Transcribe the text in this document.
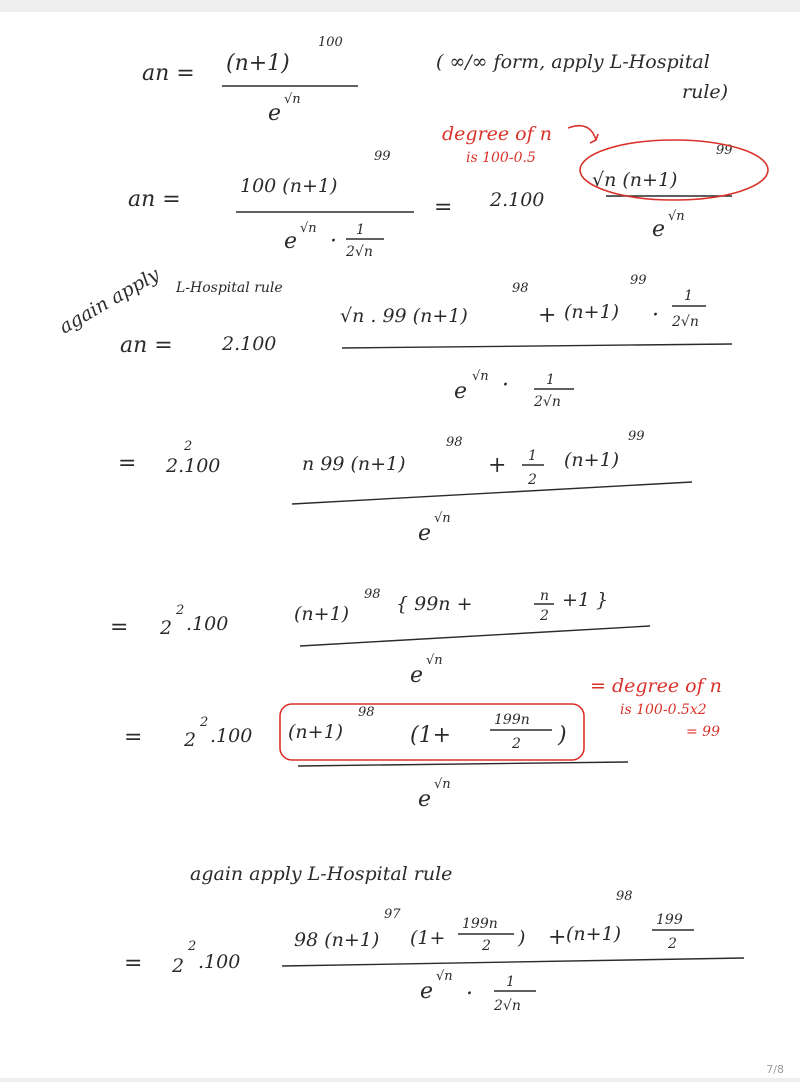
an = (n+1)
100
e
√n
( ∞/∞ form, apply L-Hospital
rule)
an =
100 (n+1)
99
e
√n
· 1
2√n
= 2.100
√n (n+1)
99
e
√n
degree of n
is 100-0.5
again apply L-Hospital rule
an =	2.100
√n . 99 (n+1)
98
+ (n+1)
99
·
1
2√n
e
√n ·	1
2√n
= 2.100
2
n 99 (n+1)
98
+ 1
2
(n+1)
99
e
√n
= 2
2
.100	(n+1)
98 { 99n +	n
2
+1 }
e
√n
= 2
2
.100 (n+1)
98
(1+
199n
2 )
e
√n
= degree of n
is 100-0.5x2
= 99
again apply L-Hospital rule
= 2
2
.100
98 (n+1)
97
(1+
199n
2 ) + (n+1)
98
199
2
e
√n . 1
2√n
7/8
